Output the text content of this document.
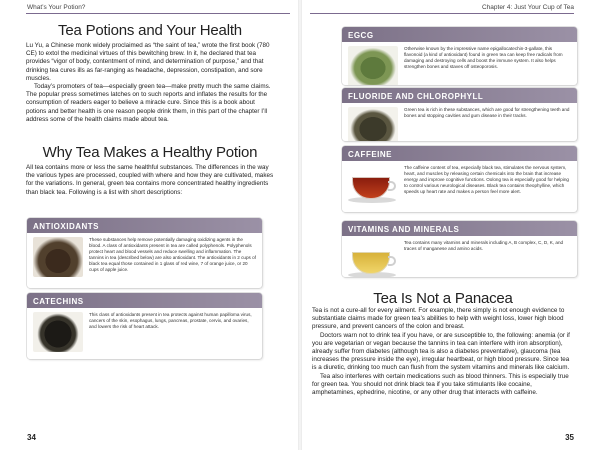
What’s Your Potion?
Tea Potions and Your Health

Lu Yu, a Chinese monk widely proclaimed as “the saint of tea,” wrote the first book (780 CE) to extol the medicinal virtues of this bewitching brew. In it, he declared that tea provides “vigor of body, contentment of mind, and determination of purpose,” and that drinking tea cures ills as far-ranging as headache, depression, constipation, and sore muscles.

Today’s promoters of tea—especially green tea—make pretty much the same claims. The popular press sometimes latches on to such reports and inflates the results for the consumption of readers eager to believe a miracle cure. Since this is a book about potions and better health is one reason people drink them, in this part of the chapter I’ll address some of the health claims made about tea.

Why Tea Makes a Healthy Potion
All tea contains more or less the same healthful substances. The differences in the way the various types are processed, coupled with where and how they are cultivated, makes for the variations. In general, green tea contains more concentrated healthy ingredients than black tea. Following is a list with short descriptions:
ANTIOXIDANTS
These substances help remove potentially damaging oxidizing agents in the blood. A class of antioxidants present in tea are called polyphenols. Polyphenols protect heart and blood vessels and reduce swelling and inflammation. The tannins in tea (described below) are also antioxidant. The antioxidants in 2 cups of black tea equal those contained in 1 glass of red wine, 7 of orange juice, or 20 cups of apple juice.
CATECHINS
This class of antioxidants present in tea protects against human papilloma virus, cancers of the skin, esophagus, lungs, pancreas, prostate, cervix, and ovaries, and lowers the risk of heart attack.
34
Chapter 4: Just Your Cup of Tea
EGCG
Otherwise known by the impressive name epigallocatechin-3-gallate, this flavonoid (a kind of antioxidant) found in green tea can keep free radicals from damaging and destroying cells and boost the immune system. It also helps strengthen bones and staves off osteoporosis.
FLUORIDE AND CHLOROPHYLL
Green tea is rich in these substances, which are good for strengthening teeth and bones and stopping cavities and gum disease in their tracks.
CAFFEINE
The caffeine content of tea, especially black tea, stimulates the nervous system, heart, and muscles by releasing certain chemicals into the brain that increase energy and improve cognitive functions. Oolong tea is especially good for helping to control various neurological diseases. Black tea contains theophylline, which speeds up heart rate and makes a person feel more alert.
VITAMINS AND MINERALS
Tea contains many vitamins and minerals including A, B complex, C, D, K, and traces of manganese and amino acids.
Tea Is Not a Panacea

Tea is not a cure-all for every ailment. For example, there simply is not enough evidence to substantiate claims made for green tea’s abilities to help with weight loss, lower high blood pressure, and prevent cancers of the colon and breast.

Doctors warn not to drink tea if you have, or are susceptible to, the following: anemia (or if you are vegetarian or vegan because the tannins in tea can interfere with iron absorption), already suffer from diabetes (although tea is also a diabetes preventative), glaucoma (tea increases the pressure inside the eye), irregular heartbeat, or high blood pressure. Since tea is a diuretic, drinking too much can flush from the system vitamins and minerals like calcium.

Tea also interferes with certain medications such as blood thinners. This is especially true for green tea. You should not drink black tea if you take stimulants like cocaine, amphetamines, ephedrine, nicotine, or any other drug that interacts with caffeine.

35
